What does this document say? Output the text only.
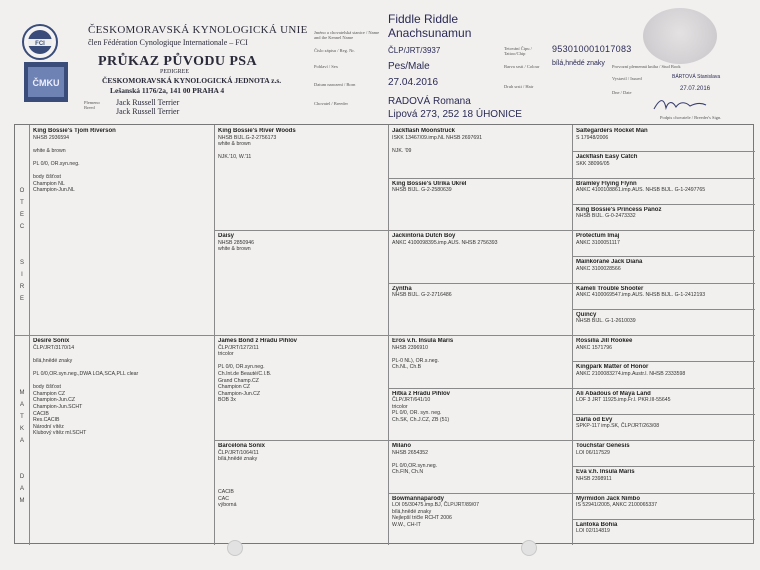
FCI
ČMKU
ČESKOMORAVSKÁ KYNOLOGICKÁ UNIE
člen Fédération Cynologique Internationale – FCI
PRŮKAZ PŮVODU PSA
PEDIGREE
ČESKOMORAVSKÁ KYNOLOGICKÁ JEDNOTA z.s.
Lešanská 1176/2a, 141 00 PRAHA 4
Plemeno
Breed
Jack Russell Terrier
Jack Russell Terrier
Jméno a chovatelská stanice / Name and the Kennel Name
Číslo zápisu / Reg. Nr.
Pohlaví / Sex
Datum narození / Born
Chovatel / Breeder
Fiddle Riddle
Anachsunamun
ČLP/JRT/3937
Pes/Male
27.04.2016
RADOVÁ Romana
Lipová 273, 252 18 ÚHONICE
Tetování Čipu / Tattoo/Chip
Barva srsti / Colour
Druh srsti / Hair
953010001017083
bílá,hnědé znaky Provozní plemenná kniha / Stud Book
Vystavil / Issued	BÁRTOVÁ Stanislava
Dne / Date
27.07.2016
Podpis chovatele / Breeder's Sign.
King Bossie's Tjom Riverson
NHSB 2936594

white & brown

PL 0/0, OR.syn.neg.

body čišťost
Champion NL
Champion-Jun.NL
Desire Sonix
ČLP/JRT/3170/14

bílá,hnědé znaky

PL 0/0,OR.syn.neg.,DWA LOA,SCA,PLL clear

body čišťost
Champion CZ
Champion-Jun.CZ
Champion-Jun.SCHT
CACIB
Res.CACIB
Národní vítěz
Klubový vítěz ml.SCHT
King Bossie's River Woods
NHSB BIJL.G-2-2756173
white & brown

NJK.'10, W.'11
Daisy
NHSB 2850946
white & brown
James Bond z Hradu Pihlov
ČLP/JRT/1272/11
tricolor

PL 0/0, OR.syn.neg.
Ch.Int.de Beauté/C.I.B.
Grand Champ.CZ
Champion CZ
Champion-Jun.CZ
BOB 3x
Barcelona Sonix
ČLP/JRT/1064/11
bílá,hnědé znaky

CACIB
CAC
výborná
Jackflash Moonstruck
ISKK 13467/09.imp.NL NHSB 2697691

NJK. '09
King Bossie's Ulrika Ukrel
NHSB BIJL. G-2-2580639
Jackintoria Dutch Boy
ANKC 4100098395.imp.AUS. NHSB 2756393
Zyntha
NHSB BIJL. G-2-2716486
Eros v.h. Insula Maris
NHSB 2396910

PL-0 NL), OR.s.neg.
Ch.NL, Ch.B
Hitka z Hradu Pihlov
ČLP/JRT/641/10
tricolor
PL 0/0, OR. syn. neg.
Ch.SK, Ch.J.CZ, ZB (51)
Milano
NHSB 2654352

PL 0/0,OR.syn.neg.
Ch.FIN, Ch.N
Bowmannaparody
LOI 05/30475.imp.BJ, ČLP/JRT/89/07
bílá,hnědé znaky
Nejlepší tričle RCHT 2006
W.W., CH-IT
Saltegarders Rocket Man
S 17948/2006
Jackflash Easy Catch
SKK 38096/05
Bramley Flying Flynn
ANKC 4100108861.imp.AUS. NHSB BIJL. G-1-2497765
King Bossie's Princess Panoz
NHSB BIJL. G-0-2473332
Protectum Imaj
ANKC 3100051117
Mainkorane Jack Diana
ANKC 3100028566
Kameli Trouble Shooter
ANKC 4100069547.imp.AUS. NHSB BIJL. G-1-2412193
Quincy
NHSB BIJL. G-1-2610039
Rossilia Jill Rookee
ANKC 1571796
Kingpark Matter of Honor
ANKC 2100083274.imp.Austr.l. NHSB 2333598
Ali Abadous of Maya Land
LOF 3 JRT 11925.imp.Fr.l. PKR.III-55645
Darla od Evy
SPKP-117 imp.SK, ČLP/JRT/263/08
Touchstar Genesis
LOI 06/117529
Eva v.h. Insula Maris
NHSB 2398911
Myrmidon Jack Nimbo
IS 52941/2005, ANKC 2100065337
Lantoka Bohia
LOI 02/114819
O
T
E
C

S
I
R
E
M
A
T
K
A

D
A
M
